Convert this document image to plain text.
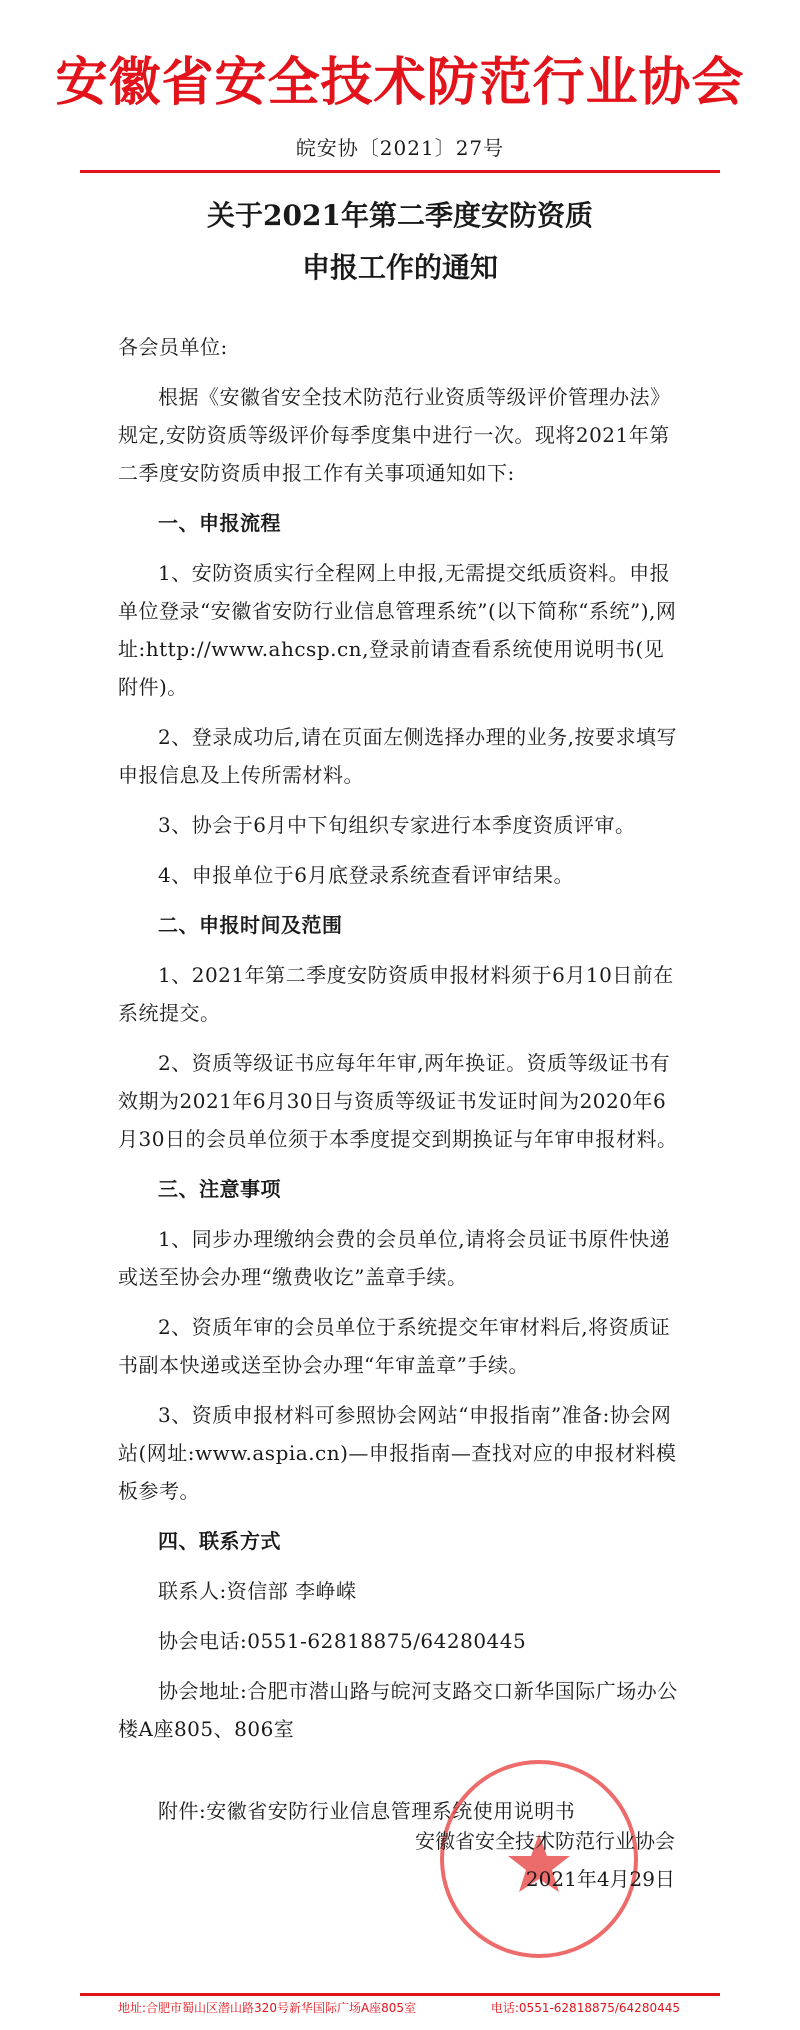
安徽省安全技术防范行业协会
皖安协〔2021〕27号
关于2021年第二季度安防资质
申报工作的通知

各会员单位:

根据《安徽省安全技术防范行业资质等级评价管理办法》规定,安防资质等级评价每季度集中进行一次。现将2021年第二季度安防资质申报工作有关事项通知如下:

一、申报流程

1、安防资质实行全程网上申报,无需提交纸质资料。申报单位登录“安徽省安防行业信息管理系统”(以下简称“系统”),网址:http://www.ahcsp.cn,登录前请查看系统使用说明书(见附件)。

2、登录成功后,请在页面左侧选择办理的业务,按要求填写申报信息及上传所需材料。

3、协会于6月中下旬组织专家进行本季度资质评审。

4、申报单位于6月底登录系统查看评审结果。

二、申报时间及范围

1、2021年第二季度安防资质申报材料须于6月10日前在系统提交。

2、资质等级证书应每年年审,两年换证。资质等级证书有效期为2021年6月30日与资质等级证书发证时间为2020年6月30日的会员单位须于本季度提交到期换证与年审申报材料。

三、注意事项

1、同步办理缴纳会费的会员单位,请将会员证书原件快递或送至协会办理“缴费收讫”盖章手续。

2、资质年审的会员单位于系统提交年审材料后,将资质证书副本快递或送至协会办理“年审盖章”手续。

3、资质申报材料可参照协会网站“申报指南”准备:协会网站(网址:www.aspia.cn)—申报指南—查找对应的申报材料模板参考。

四、联系方式

联系人:资信部 李峥嵘

协会电话:0551-62818875/64280445

协会地址:合肥市潜山路与皖河支路交口新华国际广场办公楼A座805、806室

附件:安徽省安防行业信息管理系统使用说明书

安徽省安全技术防范行业协会
2021年4月29日
地址:合肥市蜀山区潜山路320号新华国际广场A座805室	电话:0551-62818875/64280445
